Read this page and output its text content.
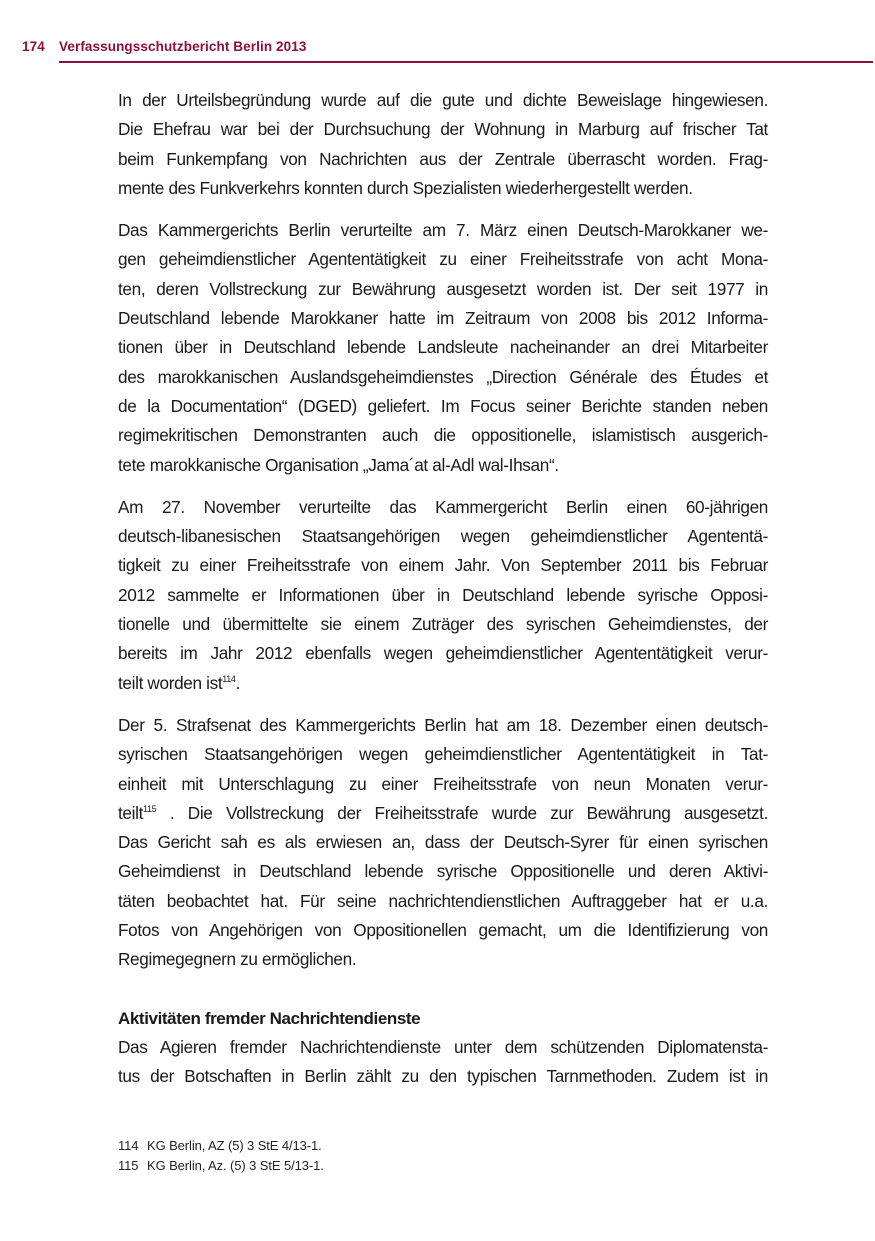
174 Verfassungsschutzbericht Berlin 2013

In der Urteilsbegründung wurde auf die gute und dichte Beweislage hingewiesen.
Die Ehefrau war bei der Durchsuchung der Wohnung in Marburg auf frischer Tat
beim Funkempfang von Nachrichten aus der Zentrale überrascht worden. Frag-
mente des Funkverkehrs konnten durch Spezialisten wiederhergestellt werden.

Das Kammergerichts Berlin verurteilte am 7. März einen Deutsch-Marokkaner we-
gen geheimdienstlicher Agententätigkeit zu einer Freiheitsstrafe von acht Mona-
ten, deren Vollstreckung zur Bewährung ausgesetzt worden ist. Der seit 1977 in
Deutschland lebende Marokkaner hatte im Zeitraum von 2008 bis 2012 Informa-
tionen über in Deutschland lebende Landsleute nacheinander an drei Mitarbeiter
des marokkanischen Auslandsgeheimdienstes „Direction Générale des Études et
de la Documentation“ (DGED) geliefert. Im Focus seiner Berichte standen neben
regimekritischen Demonstranten auch die oppositionelle, islamistisch ausgerich-
tete marokkanische Organisation „Jama´at al-Adl wal-Ihsan“.

Am 27. November verurteilte das Kammergericht Berlin einen 60-jährigen
deutsch-libanesischen Staatsangehörigen wegen geheimdienstlicher Agententä-
tigkeit zu einer Freiheitsstrafe von einem Jahr. Von September 2011 bis Februar
2012 sammelte er Informationen über in Deutschland lebende syrische Opposi-
tionelle und übermittelte sie einem Zuträger des syrischen Geheimdienstes, der
bereits im Jahr 2012 ebenfalls wegen geheimdienstlicher Agententätigkeit verur-
teilt worden ist$^{114}$.

Der 5. Strafsenat des Kammergerichts Berlin hat am 18. Dezember einen deutsch-
syrischen Staatsangehörigen wegen geheimdienstlicher Agententätigkeit in Tat-
einheit mit Unterschlagung zu einer Freiheitsstrafe von neun Monaten verur-
teilt$^{115}$ . Die Vollstreckung der Freiheitsstrafe wurde zur Bewährung ausgesetzt.
Das Gericht sah es als erwiesen an, dass der Deutsch-Syrer für einen syrischen
Geheimdienst in Deutschland lebende syrische Oppositionelle und deren Aktivi-
täten beobachtet hat. Für seine nachrichtendienstlichen Auftraggeber hat er u.a.
Fotos von Angehörigen von Oppositionellen gemacht, um die Identifizierung von
Regimegegnern zu ermöglichen.

Aktivitäten fremder Nachrichtendienste

Das Agieren fremder Nachrichtendienste unter dem schützenden Diplomatensta-
tus der Botschaften in Berlin zählt zu den typischen Tarnmethoden. Zudem ist in

114 KG Berlin, AZ (5) 3 StE 4/13-1.
115 KG Berlin, Az. (5) 3 StE 5/13-1.
